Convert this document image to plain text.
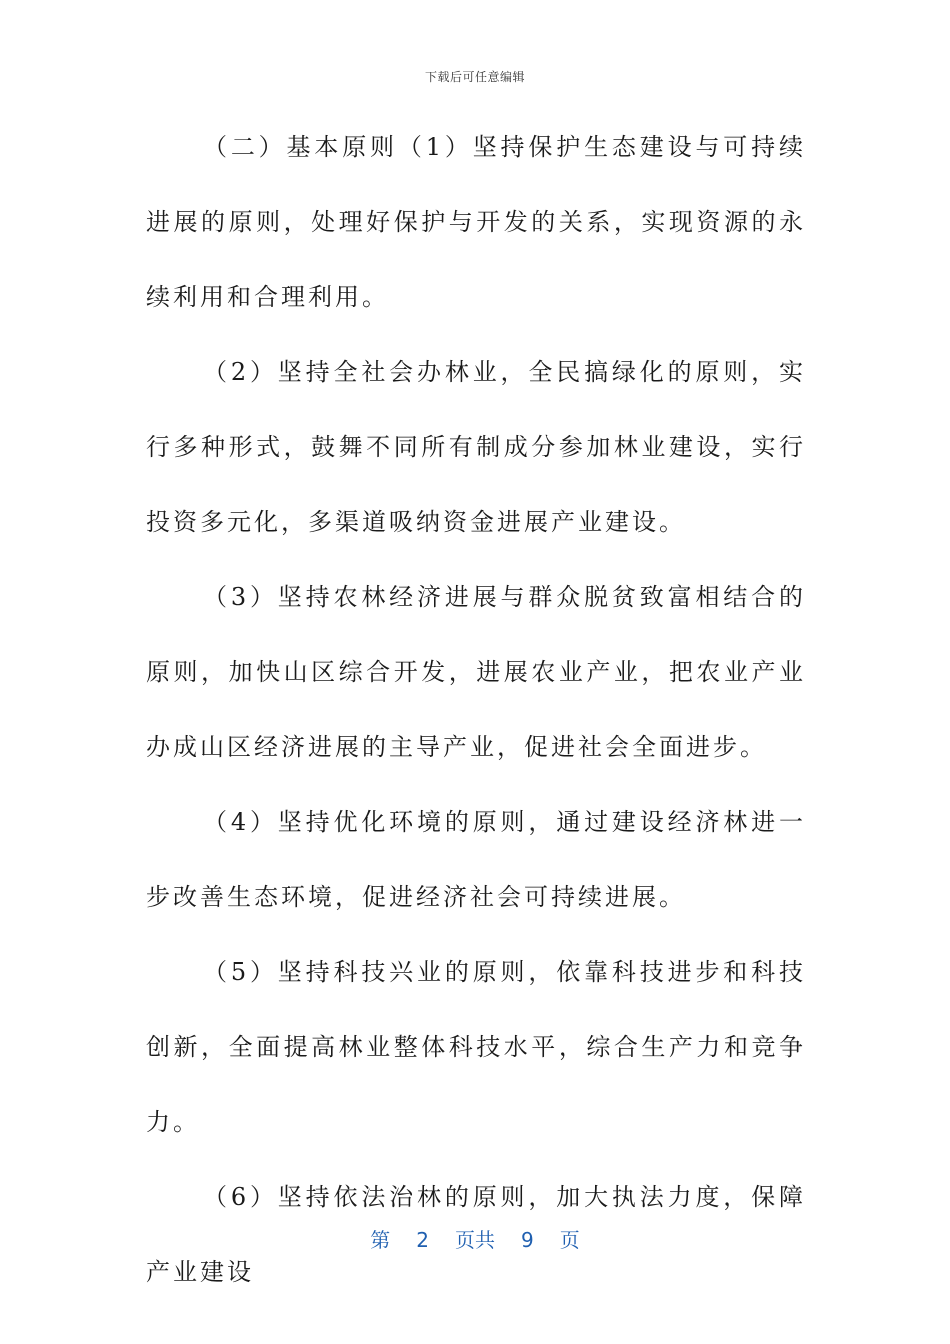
下载后可任意编辑

（二）基本原则（1）坚持保护生态建设与可持续进展的原则，处理好保护与开发的关系，实现资源的永续利用和合理利用。

（2）坚持全社会办林业，全民搞绿化的原则，实行多种形式，鼓舞不同所有制成分参加林业建设，实行投资多元化，多渠道吸纳资金进展产业建设。

（3）坚持农林经济进展与群众脱贫致富相结合的原则，加快山区综合开发，进展农业产业，把农业产业办成山区经济进展的主导产业，促进社会全面进步。

（4）坚持优化环境的原则，通过建设经济林进一步改善生态环境，促进经济社会可持续进展。

（5）坚持科技兴业的原则，依靠科技进步和科技创新，全面提高林业整体科技水平，综合生产力和竞争力。

（6）坚持依法治林的原则，加大执法力度，保障产业建设

第 2 页共 9 页
